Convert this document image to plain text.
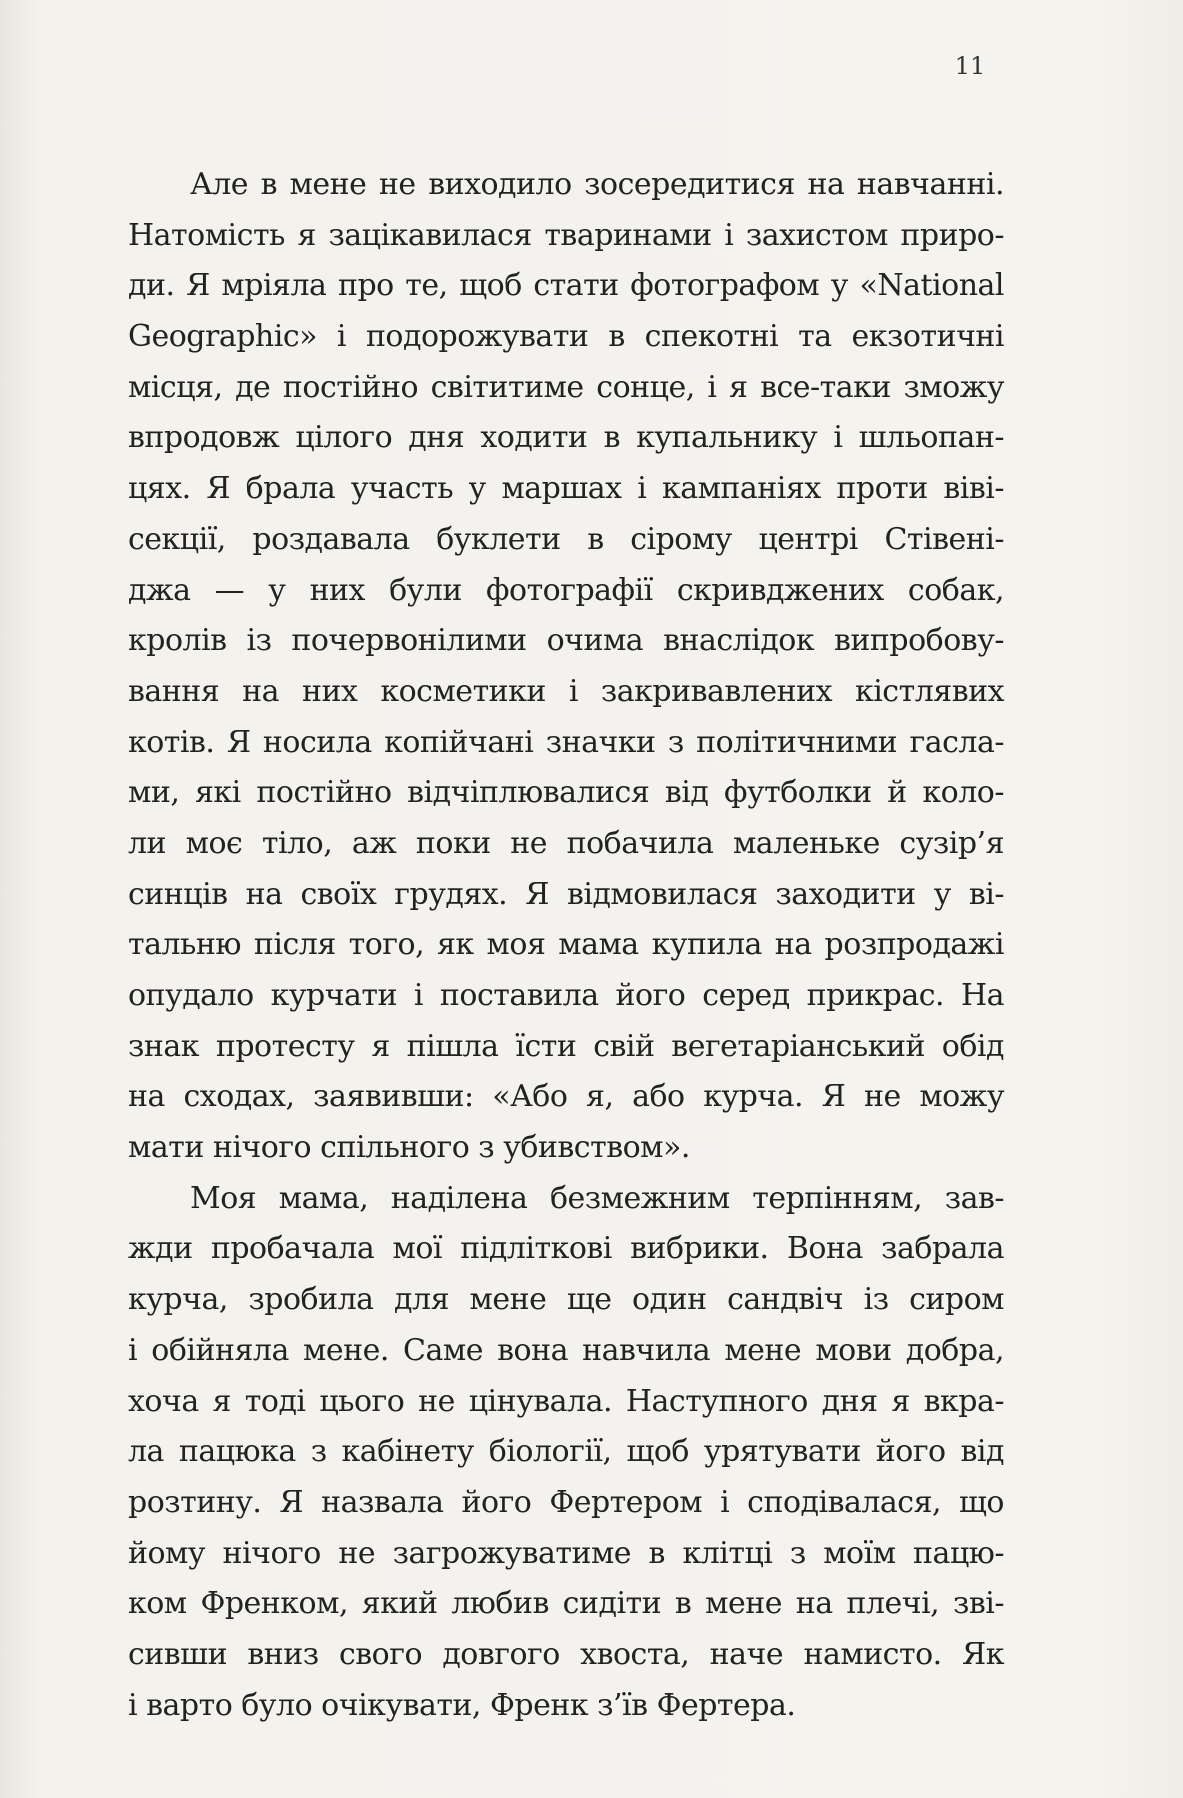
11
Але в мене не виходило зосередитися на навчанні.
Натомість я зацікавилася тваринами і захистом приро-
ди. Я мріяла про те, щоб стати фотографом у «National
Geographic» і подорожувати в спекотні та екзотичні
місця, де постійно світитиме сонце, і я все-таки зможу
впродовж цілого дня ходити в купальнику і шльопан-
цях. Я брала участь у маршах і кампаніях проти віві-
секції, роздавала буклети в сірому центрі Стівені-
джа — у них були фотографії скривджених собак,
кролів із почервонілими очима внаслідок випробову-
вання на них косметики і закривавлених кістлявих
котів. Я носила копійчані значки з політичними гасла-
ми, які постійно відчіплювалися від футболки й коло-
ли моє тіло, аж поки не побачила маленьке сузір’я
синців на своїх грудях. Я відмовилася заходити у ві-
тальню після того, як моя мама купила на розпродажі
опудало курчати і поставила його серед прикрас. На
знак протесту я пішла їсти свій вегетаріанський обід
на сходах, заявивши: «Або я, або курча. Я не можу
мати нічого спільного з убивством».
Моя мама, наділена безмежним терпінням, зав-
жди пробачала мої підліткові вибрики. Вона забрала
курча, зробила для мене ще один сандвіч із сиром
і обійняла мене. Саме вона навчила мене мови добра,
хоча я тоді цього не цінувала. Наступного дня я вкра-
ла пацюка з кабінету біології, щоб урятувати його від
розтину. Я назвала його Фертером і сподівалася, що
йому нічого не загрожуватиме в клітці з моїм пацю-
ком Френком, який любив сидіти в мене на плечі, зві-
сивши вниз свого довгого хвоста, наче намисто. Як
і варто було очікувати, Френк з’їв Фертера.
